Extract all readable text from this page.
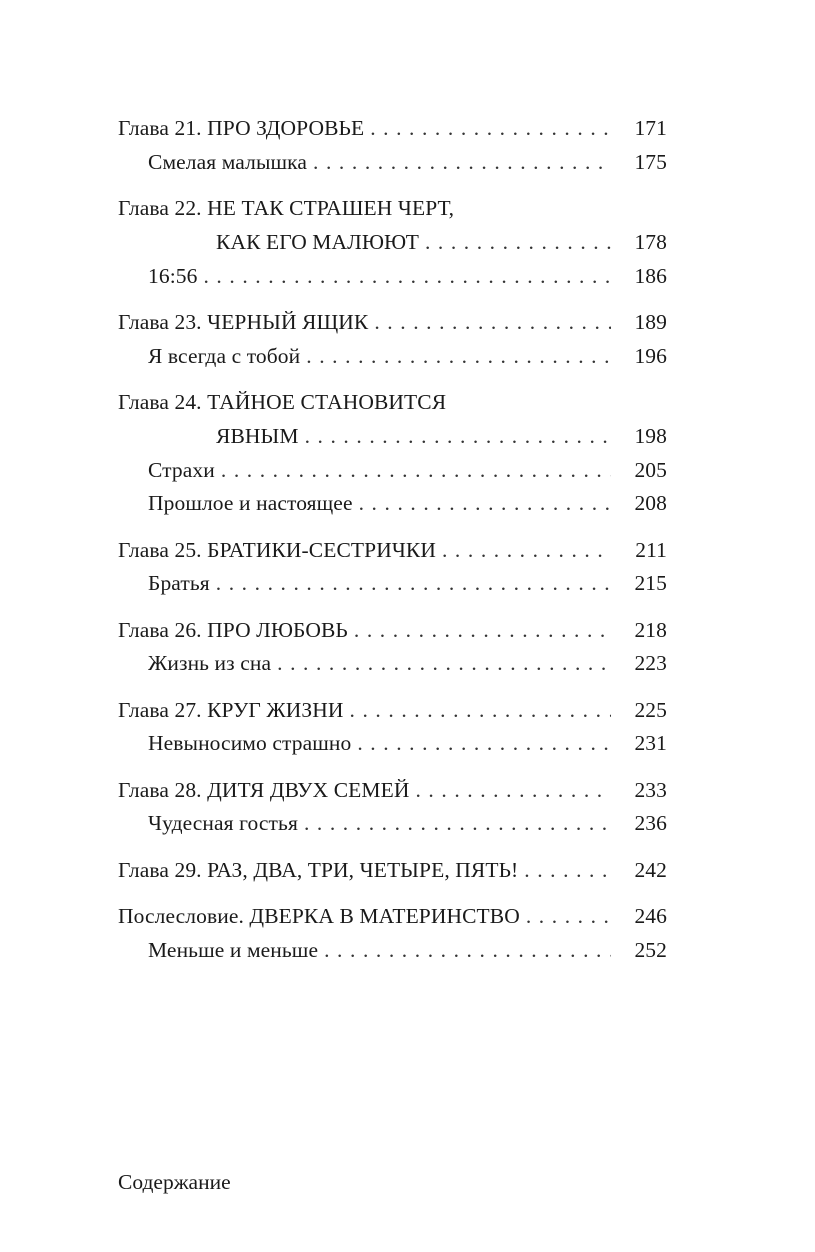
Глава 21. ПРО ЗДОРОВЬЕ . . .	171
Смелая малышка . . .	175
Глава 22. НЕ ТАК СТРАШЕН ЧЕРТ,
КАК ЕГО МАЛЮЮТ . . .	178
16:56 . . .	186
Глава 23. ЧЕРНЫЙ ЯЩИК . . .	189
Я всегда с тобой . . .	196
Глава 24. ТАЙНОЕ СТАНОВИТСЯ
ЯВНЫМ . . .	198
Страхи . . .	205
Прошлое и настоящее . . .	208
Глава 25. БРАТИКИ-СЕСТРИЧКИ . . .	211
Братья . . .	215
Глава 26. ПРО ЛЮБОВЬ . . .	218
Жизнь из сна . . .	223
Глава 27. КРУГ ЖИЗНИ . . .	225
Невыносимо страшно . . .	231
Глава 28. ДИТЯ ДВУХ СЕМЕЙ . . .	233
Чудесная гостья . . .	236
Глава 29. РАЗ, ДВА, ТРИ, ЧЕТЫРЕ, ПЯТЬ! . . .	242
Послесловие. ДВЕРКА В МАТЕРИНСТВО . . .	246
Меньше и меньше . . .	252
Содержание
